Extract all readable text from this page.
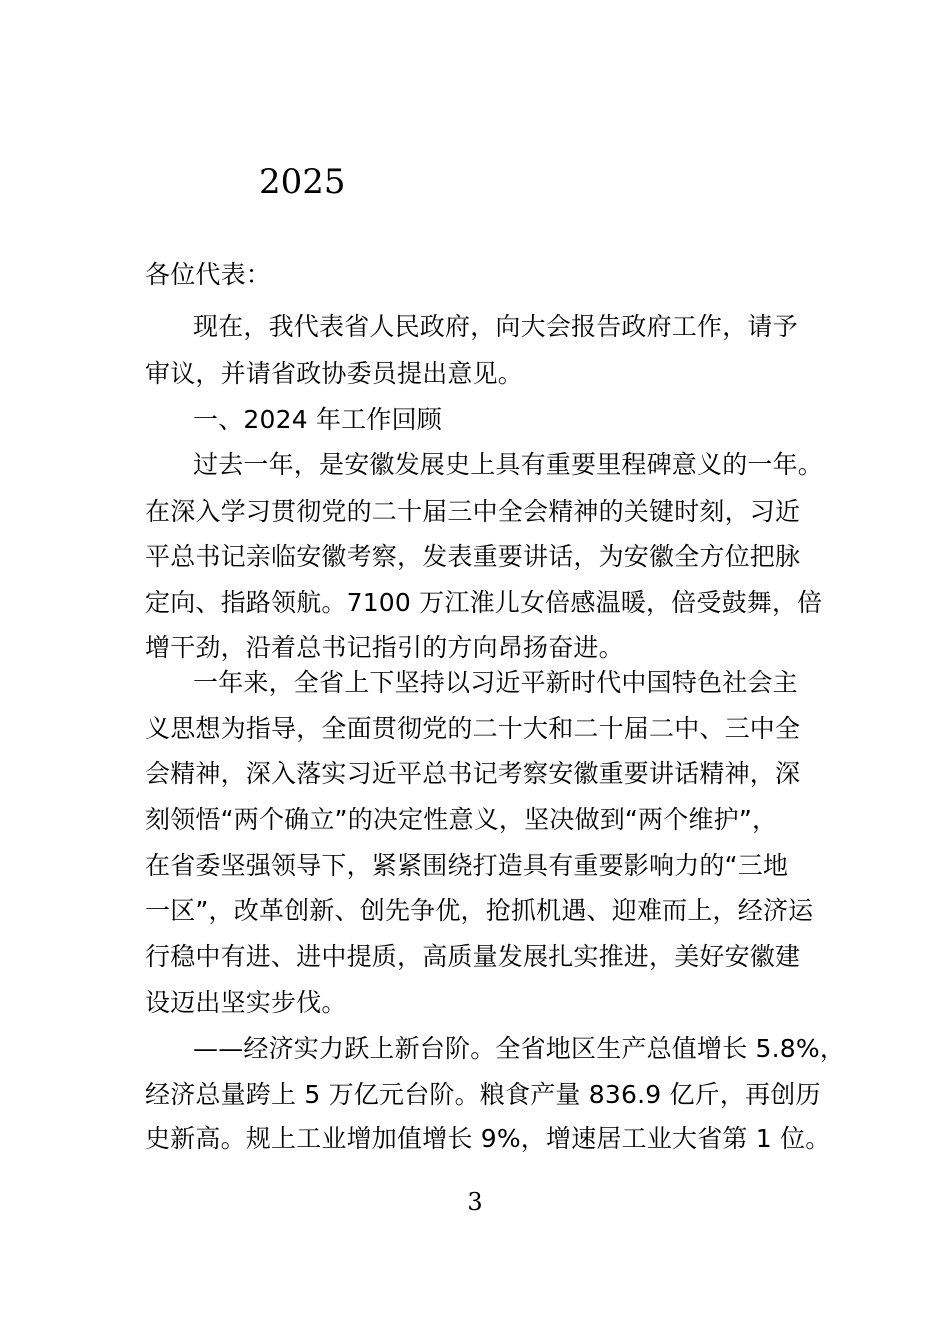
2025
各位代表：
现在，我代表省人民政府，向大会报告政府工作，请予
审议，并请省政协委员提出意见。
一、2024 年工作回顾
过去一年，是安徽发展史上具有重要里程碑意义的一年。
在深入学习贯彻党的二十届三中全会精神的关键时刻，习近
平总书记亲临安徽考察，发表重要讲话，为安徽全方位把脉
定向、指路领航。7100 万江淮儿女倍感温暖，倍受鼓舞，倍
增干劲，沿着总书记指引的方向昂扬奋进。
一年来，全省上下坚持以习近平新时代中国特色社会主
义思想为指导，全面贯彻党的二十大和二十届二中、三中全
会精神，深入落实习近平总书记考察安徽重要讲话精神，深
刻领悟“两个确立”的决定性意义，坚决做到“两个维护”，
在省委坚强领导下，紧紧围绕打造具有重要影响力的“三地
一区”，改革创新、创先争优，抢抓机遇、迎难而上，经济运
行稳中有进、进中提质，高质量发展扎实推进，美好安徽建
设迈出坚实步伐。
——经济实力跃上新台阶。全省地区生产总值增长 5.8%，
经济总量跨上 5 万亿元台阶。粮食产量 836.9 亿斤，再创历
史新高。规上工业增加值增长 9%，增速居工业大省第 1 位。
3
